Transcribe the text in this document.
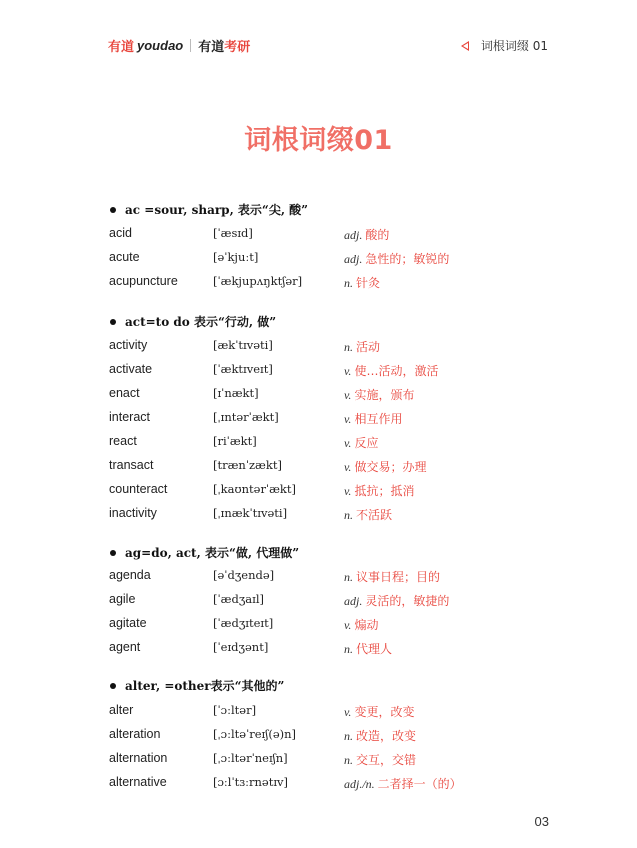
有道 youdao 有道 考研	词根词缀 01
词根词缀01
ac =sour, sharp, 表示“尖, 酸”
acid	[ˈæsɪd]	adj. 酸的
acute	[əˈkjuːt]	adj. 急性的；敏锐的
acupuncture	[ˈækjupʌŋktʃər]	n. 针灸
act=to do 表示“行动, 做”
activity	[ækˈtɪvəti]	n. 活动
activate	[ˈæktɪveɪt]	v. 使…活动，激活
enact	[ɪˈnækt]	v. 实施，颁布
interact	[ˌɪntərˈækt]	v. 相互作用
react	[riˈækt]	v. 反应
transact	[trænˈzækt]	v. 做交易；办理
counteract	[ˌkaʊntərˈækt]	v. 抵抗；抵消
inactivity	[ˌɪnækˈtɪvəti]	n. 不活跃
ag=do, act, 表示“做, 代理做”
agenda	[əˈdʒendə]	n. 议事日程；目的
agile	[ˈædʒaɪl]	adj. 灵活的，敏捷的
agitate	[ˈædʒɪteɪt]	v. 煽动
agent	[ˈeɪdʒənt]	n. 代理人
alter, =other表示“其他的”
alter	[ˈɔːltər]	v. 变更，改变
alteration	[ˌɔːltəˈreɪʃ(ə)n]	n. 改造，改变
alternation	[ˌɔːltərˈneɪʃn]	n. 交互，交错
alternative	[ɔːlˈtɜːrnətɪv]	adj./n. 二者择一（的）
03
